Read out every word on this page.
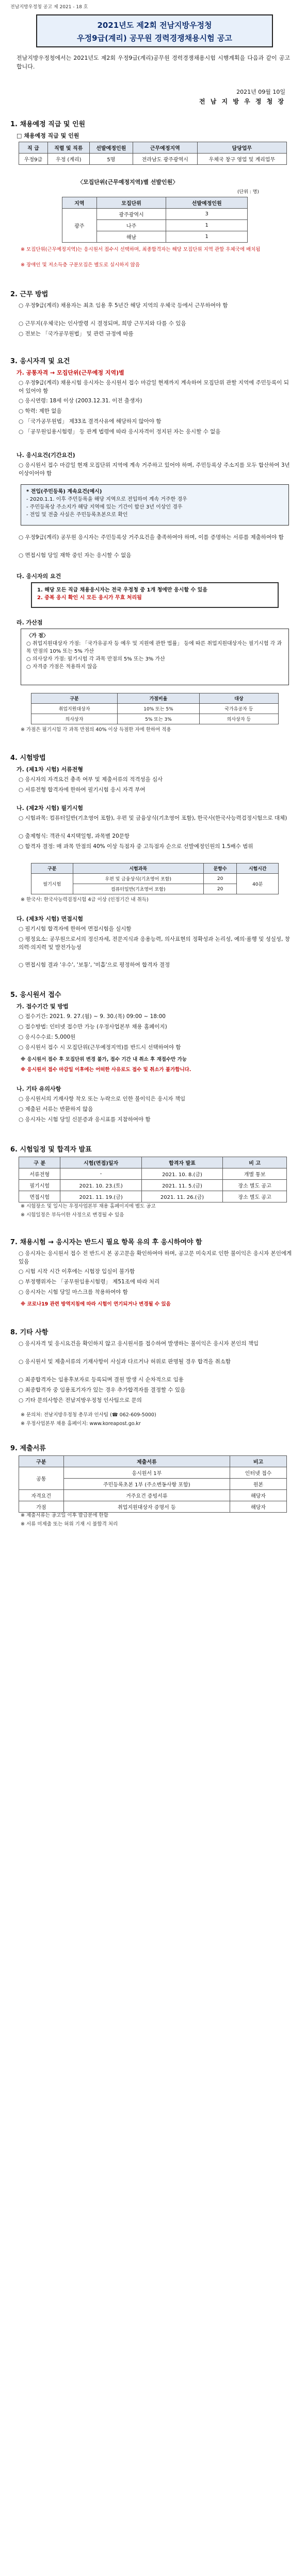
전남지방우정청 공고 제 2021 - 18 호
2021년도 제2회 전남지방우정청
우정9급(계리) 공무원 경력경쟁채용시험 공고
전남지방우정청에서는 2021년도 제2회 우정9급(계리)공무원 경력경쟁채용시험 시행계획을 다음과 같이 공고합니다.
2021년 09월 10일
전 남 지 방 우 정 청 장
1. 채용예정 직급 및 인원
□ 채용예정 직급 및 인원
직 급	직렬 및 직류	선발예정인원	근무예정지역	담당업무
우정9급	우정 (계리)	5명	전라남도 광주광역시	우체국 창구 영업 및 계리업무
〈모집단위(근무예정지역)별 선발인원〉
(단위 : 명)
지역	모집단위	선발예정인원
광주	광주광역시	3
	나주	1
	해남	1
※ 모집단위(근무예정지역)는 응시원서 접수시 선택하며, 최종합격자는 해당 모집단위 지역 관할 우체국에 배치됨
※ 장애인 및 저소득층 구분모집은 별도로 실시하지 않음
2. 근무 방법
○ 우정9급(계리) 채용자는 최초 임용 후 5년간 해당 지역의 우체국 등에서 근무하여야 함
○ 근무지(우체국)는 인사발령 시 결정되며, 희망 근무지와 다를 수 있음
○ 전보는 「국가공무원법」 및 관련 규정에 따름
3. 응시자격 및 요건
가. 공통자격 → 모집단위(근무예정 지역)별
○ 우정9급(계리) 채용시험 응시자는 응시원서 접수 마감일 현재까지 계속하여 모집단위 관할 지역에 주민등록이 되어 있어야 함
○ 응시연령: 18세 이상 (2003.12.31. 이전 출생자)
○ 학력: 제한 없음
○ 「국가공무원법」 제33조 결격사유에 해당하지 않아야 함
○ 「공무원임용시험령」 등 관계 법령에 따라 응시자격이 정지된 자는 응시할 수 없음
나. 응시요건(기간요건)
○ 응시원서 접수 마감일 현재 모집단위 지역에 계속 거주하고 있어야 하며, 주민등록상 주소지를 모두 합산하여 3년 이상이어야 함
* 전입(주민등록) 계속요건(예시)
- 2020.1.1. 이후 주민등록을 해당 지역으로 전입하여 계속 거주한 경우
- 주민등록상 주소지가 해당 지역에 있는 기간이 합산 3년 이상인 경우
- 전입 및 전출 사실은 주민등록초본으로 확인
○ 우정9급(계리) 공무원 응시자는 주민등록상 거주요건을 충족하여야 하며, 이를 증명하는 서류를 제출하여야 함
○ 면접시험 당일 재학 중인 자는 응시할 수 없음
다. 응시자의 요건
1. 해당 모든 직급 채용응시자는 전국 우정청 중 1개 청에만 응시할 수 있음
2. 중복 응시 확인 시 모든 응시가 무효 처리됨
라. 가산점
〈가 점〉
○ 취업지원대상자 가점: 「국가유공자 등 예우 및 지원에 관한 법률」 등에 따른 취업지원대상자는 필기시험 각 과목 만점의 10% 또는 5% 가산
○ 의사상자 가점: 필기시험 각 과목 만점의 5% 또는 3% 가산
○ 자격증 가점은 적용하지 않음
구분	가점비율	대상
취업지원대상자	10% 또는 5%	국가유공자 등
의사상자	5% 또는 3%	의사상자 등
※ 가점은 필기시험 각 과목 만점의 40% 이상 득점한 자에 한하여 적용
4. 시험방법
가. (제1차 시험) 서류전형
○ 응시자의 자격요건 충족 여부 및 제출서류의 적격성을 심사
○ 서류전형 합격자에 한하여 필기시험 응시 자격 부여
나. (제2차 시험) 필기시험
○ 시험과목: 컴퓨터일반(기초영어 포함), 우편 및 금융상식(기초영어 포함), 한국사(한국사능력검정시험으로 대체)
○ 출제형식: 객관식 4지택일형, 과목별 20문항
○ 합격자 결정: 매 과목 만점의 40% 이상 득점자 중 고득점자 순으로 선발예정인원의 1.5배수 범위
구분	시험과목	문항수	시험시간
필기시험	우편 및 금융상식(기초영어 포함)	20	40분
	컴퓨터일반(기초영어 포함)	20	
※ 한국사: 한국사능력검정시험 4급 이상 (인정기간 내 취득)
다. (제3차 시험) 면접시험
○ 필기시험 합격자에 한하여 면접시험을 실시함
○ 평정요소: 공무원으로서의 정신자세, 전문지식과 응용능력, 의사표현의 정확성과 논리성, 예의·품행 및 성실성, 창의력·의지력 및 발전가능성
○ 면접시험 결과 '우수', '보통', '미흡'으로 평정하여 합격자 결정
5. 응시원서 접수
가. 접수기간 및 방법
○ 접수기간: 2021. 9. 27.(월) ~ 9. 30.(목) 09:00 ~ 18:00
○ 접수방법: 인터넷 접수만 가능 (우정사업본부 채용 홈페이지)
○ 응시수수료: 5,000원
○ 응시원서 접수 시 모집단위(근무예정지역)를 반드시 선택하여야 함
※ 응시원서 접수 후 모집단위 변경 불가, 접수 기간 내 취소 후 재접수만 가능
※ 응시원서 접수 마감일 이후에는 어떠한 사유로도 접수 및 취소가 불가합니다.
나. 기타 유의사항
○ 응시원서의 기재사항 착오 또는 누락으로 인한 불이익은 응시자 책임
○ 제출된 서류는 반환하지 않음
○ 응시자는 시험 당일 신분증과 응시표를 지참하여야 함
6. 시험일정 및 합격자 발표
구 분	시험(면접)일자	합격자 발표	비 고
서류전형	-	2021. 10. 8.(금)	개별 통보
필기시험	2021. 10. 23.(토)	2021. 11. 5.(금)	장소 별도 공고
면접시험	2021. 11. 19.(금)	2021. 11. 26.(금)	장소 별도 공고
※ 시험장소 및 일시는 우정사업본부 채용 홈페이지에 별도 공고
※ 시험일정은 부득이한 사정으로 변경될 수 있음
7. 채용시험 → 응시자는 반드시 필요 항목 유의 후 응시하여야 함
○ 응시자는 응시원서 접수 전 반드시 본 공고문을 확인하여야 하며, 공고문 미숙지로 인한 불이익은 응시자 본인에게 있음
○ 시험 시작 시간 이후에는 시험장 입실이 불가함
○ 부정행위자는 「공무원임용시험령」 제51조에 따라 처리
○ 응시자는 시험 당일 마스크를 착용하여야 함
※ 코로나19 관련 방역지침에 따라 시험이 연기되거나 변경될 수 있음
8. 기타 사항
○ 응시자격 및 응시요건을 확인하지 않고 응시원서를 접수하여 발생하는 불이익은 응시자 본인의 책임
○ 응시원서 및 제출서류의 기재사항이 사실과 다르거나 허위로 판명될 경우 합격을 취소함
○ 최종합격자는 임용후보자로 등록되며 결원 발생 시 순차적으로 임용
○ 최종합격자 중 임용포기자가 있는 경우 추가합격자를 결정할 수 있음
○ 기타 문의사항은 전남지방우정청 인사팀으로 문의
※ 문의처: 전남지방우정청 총무과 인사팀 (☎ 062-609-5000)
※ 우정사업본부 채용 홈페이지: www.koreapost.go.kr
9. 제출서류
구분	제출서류	비고
공통	응시원서 1부	인터넷 접수
	주민등록초본 1부 (주소변동사항 포함)	원본
자격요건	거주요건 증빙서류	해당자
가점	취업지원대상자 증명서 등	해당자
※ 제출서류는 공고일 이후 발급분에 한함
※ 서류 미제출 또는 허위 기재 시 불합격 처리
